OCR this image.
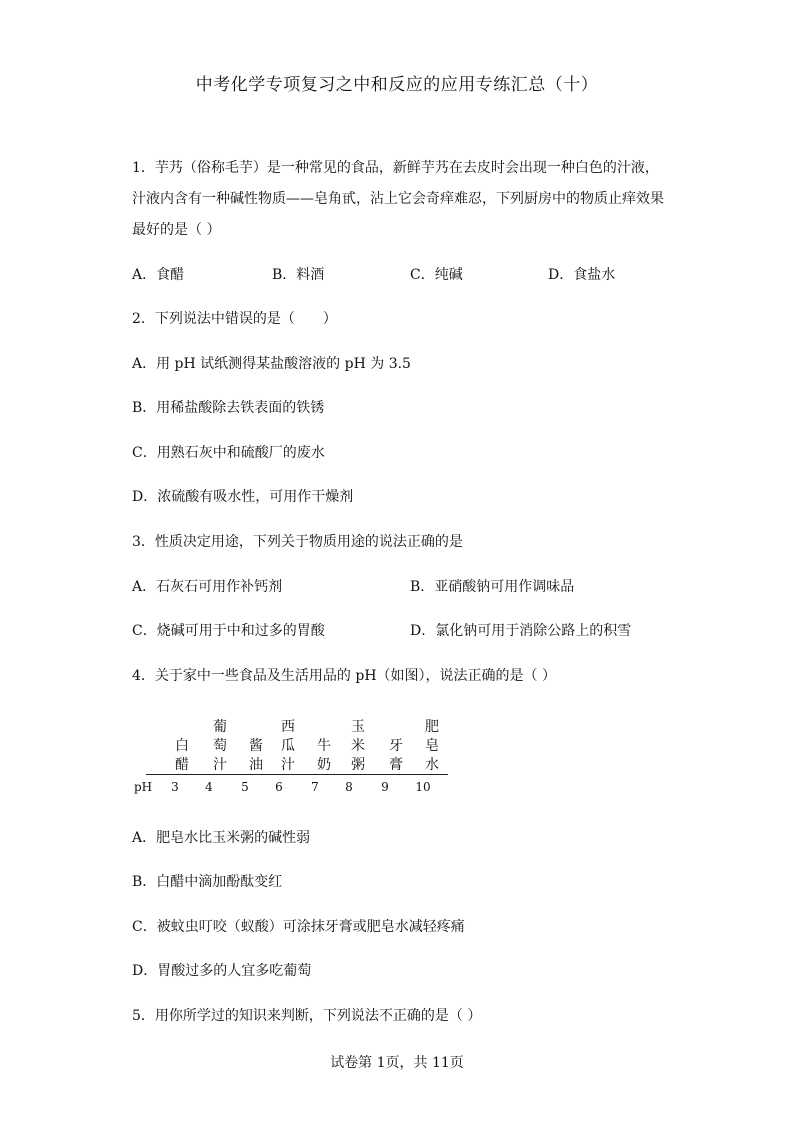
中考化学专项复习之中和反应的应用专练汇总（十）
1．芋艿（俗称毛芋）是一种常见的食品，新鲜芋艿在去皮时会出现一种白色的汁液，
汁液内含有一种碱性物质——皂角甙，沾上它会奇痒难忍，下列厨房中的物质止痒效果
最好的是（ ）
A．食醋	B．料酒	C．纯碱	D．食盐水
2．下列说法中错误的是（　　）
A．用 pH 试纸测得某盐酸溶液的 pH 为 3.5
B．用稀盐酸除去铁表面的铁锈
C．用熟石灰中和硫酸厂的废水
D．浓硫酸有吸水性，可用作干燥剂
3．性质决定用途，下列关于物质用途的说法正确的是
A．石灰石可用作补钙剂	B．亚硝酸钠可用作调味品
C．烧碱可用于中和过多的胃酸	D．氯化钠可用于消除公路上的积雪
4．关于家中一些食品及生活用品的 pH（如图），说法正确的是（ ）

白
醋
葡
萄
汁

酱
油
西
瓜
汁

牛
奶
玉
米
粥

牙
膏
肥
皂
水
pH	3	4	5	6	7	8	9	10
A．肥皂水比玉米粥的碱性弱
B．白醋中滴加酚酞变红
C．被蚊虫叮咬（蚁酸）可涂抹牙膏或肥皂水减轻疼痛
D．胃酸过多的人宜多吃葡萄
5．用你所学过的知识来判断，下列说法不正确的是（ ）
试卷第 1页，共 11页
